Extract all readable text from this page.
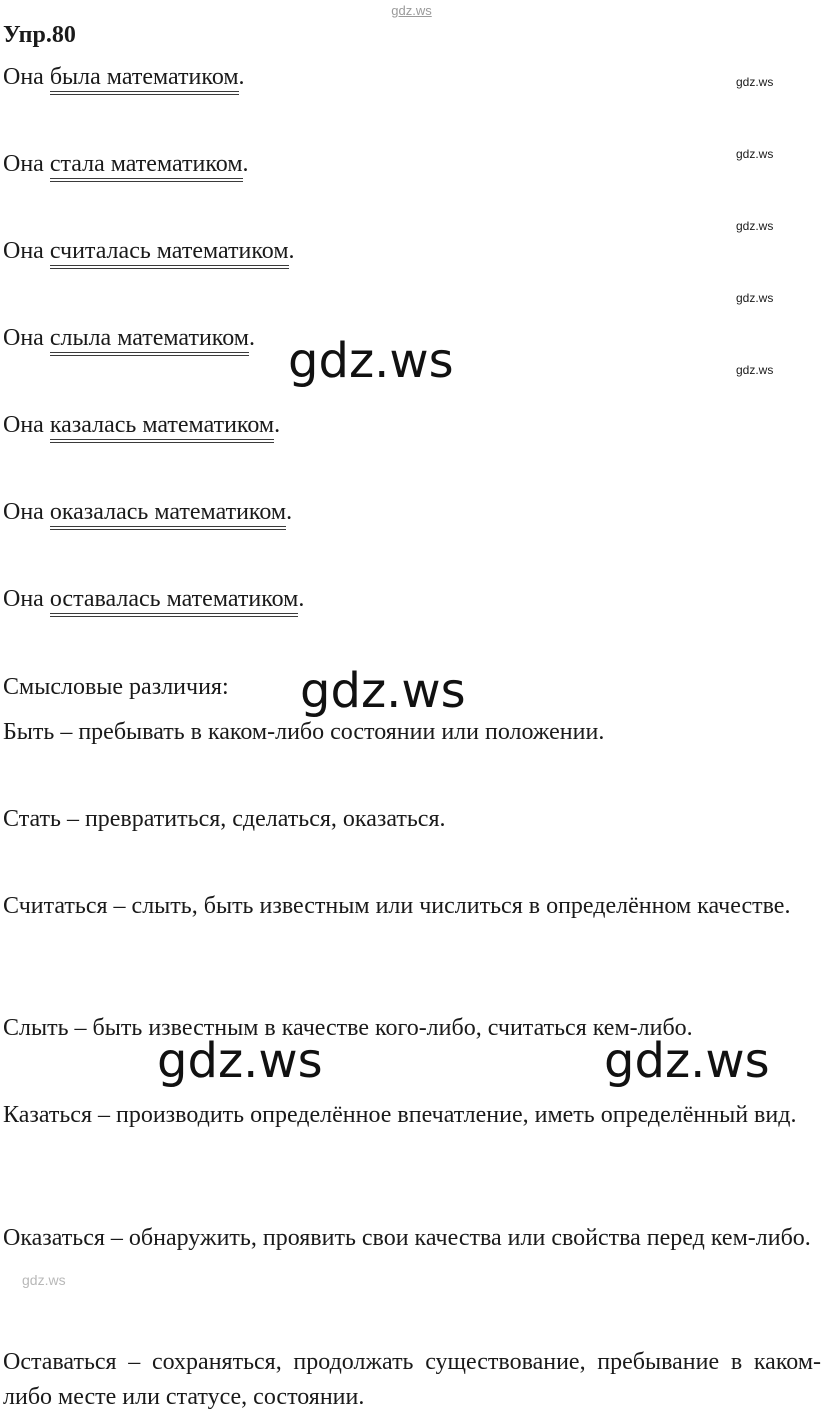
gdz.ws
Упр.80
Она была математиком.
Она стала математиком.
Она считалась математиком.
Она слыла математиком.
Она казалась математиком.
Она оказалась математиком.
Она оставалась математиком.
gdz.ws
gdz.ws
gdz.ws
gdz.ws
gdz.ws
gdz.ws
gdz.ws
Смысловые различия:
Быть – пребывать в каком-либо состоянии или положении.
Стать – превратиться, сделаться, оказаться.
Считаться – слыть, быть известным или числиться в определённом качестве.
Слыть – быть известным в качестве кого-либо, считаться кем-либо.
gdz.ws	gdz.ws
Казаться – производить определённое впечатление, иметь определённый вид.
Оказаться – обнаружить, проявить свои качества или свойства перед кем-либо.
gdz.ws
Оставаться – сохраняться, продолжать существование, пребывание в каком-либо месте или статусе, состоянии.
